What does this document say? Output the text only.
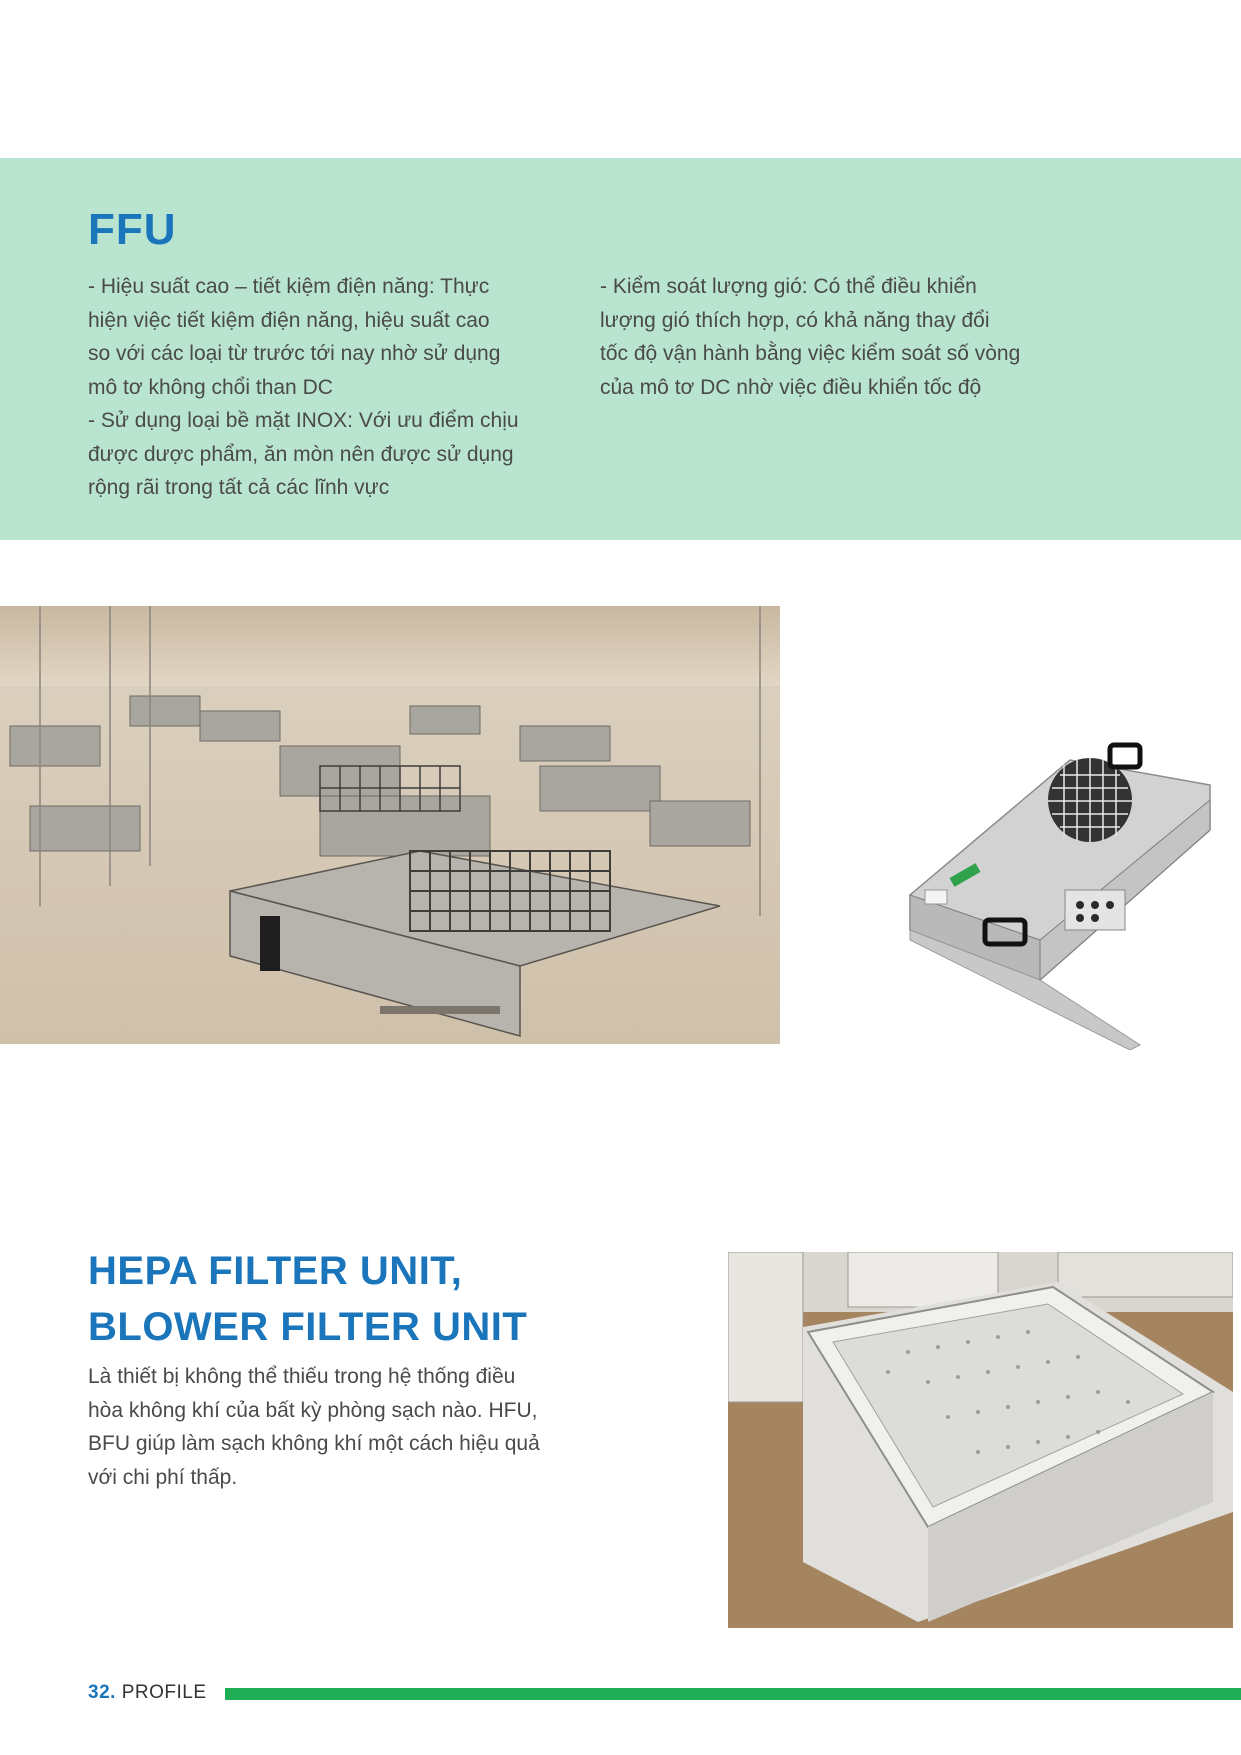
FFU

- Hiệu suất cao – tiết kiệm điện năng: Thực
hiện việc tiết kiệm điện năng, hiệu suất cao
so với các loại từ trước tới nay nhờ sử dụng
mô tơ không chổi than DC
- Sử dụng loại bề mặt INOX: Với ưu điểm chịu
được dược phẩm, ăn mòn nên được sử dụng
rộng rãi trong tất cả các lĩnh vực

- Kiểm soát lượng gió: Có thể điều khiển
lượng gió thích hợp, có khả năng thay đổi
tốc độ vận hành bằng việc kiểm soát số vòng
của mô tơ DC nhờ việc điều khiển tốc độ

HEPA FILTER UNIT,
BLOWER FILTER UNIT

Là thiết bị không thể thiếu trong hệ thống điều
hòa không khí của bất kỳ phòng sạch nào. HFU,
BFU giúp làm sạch không khí một cách hiệu quả
với chi phí thấp.

32. PROFILE
